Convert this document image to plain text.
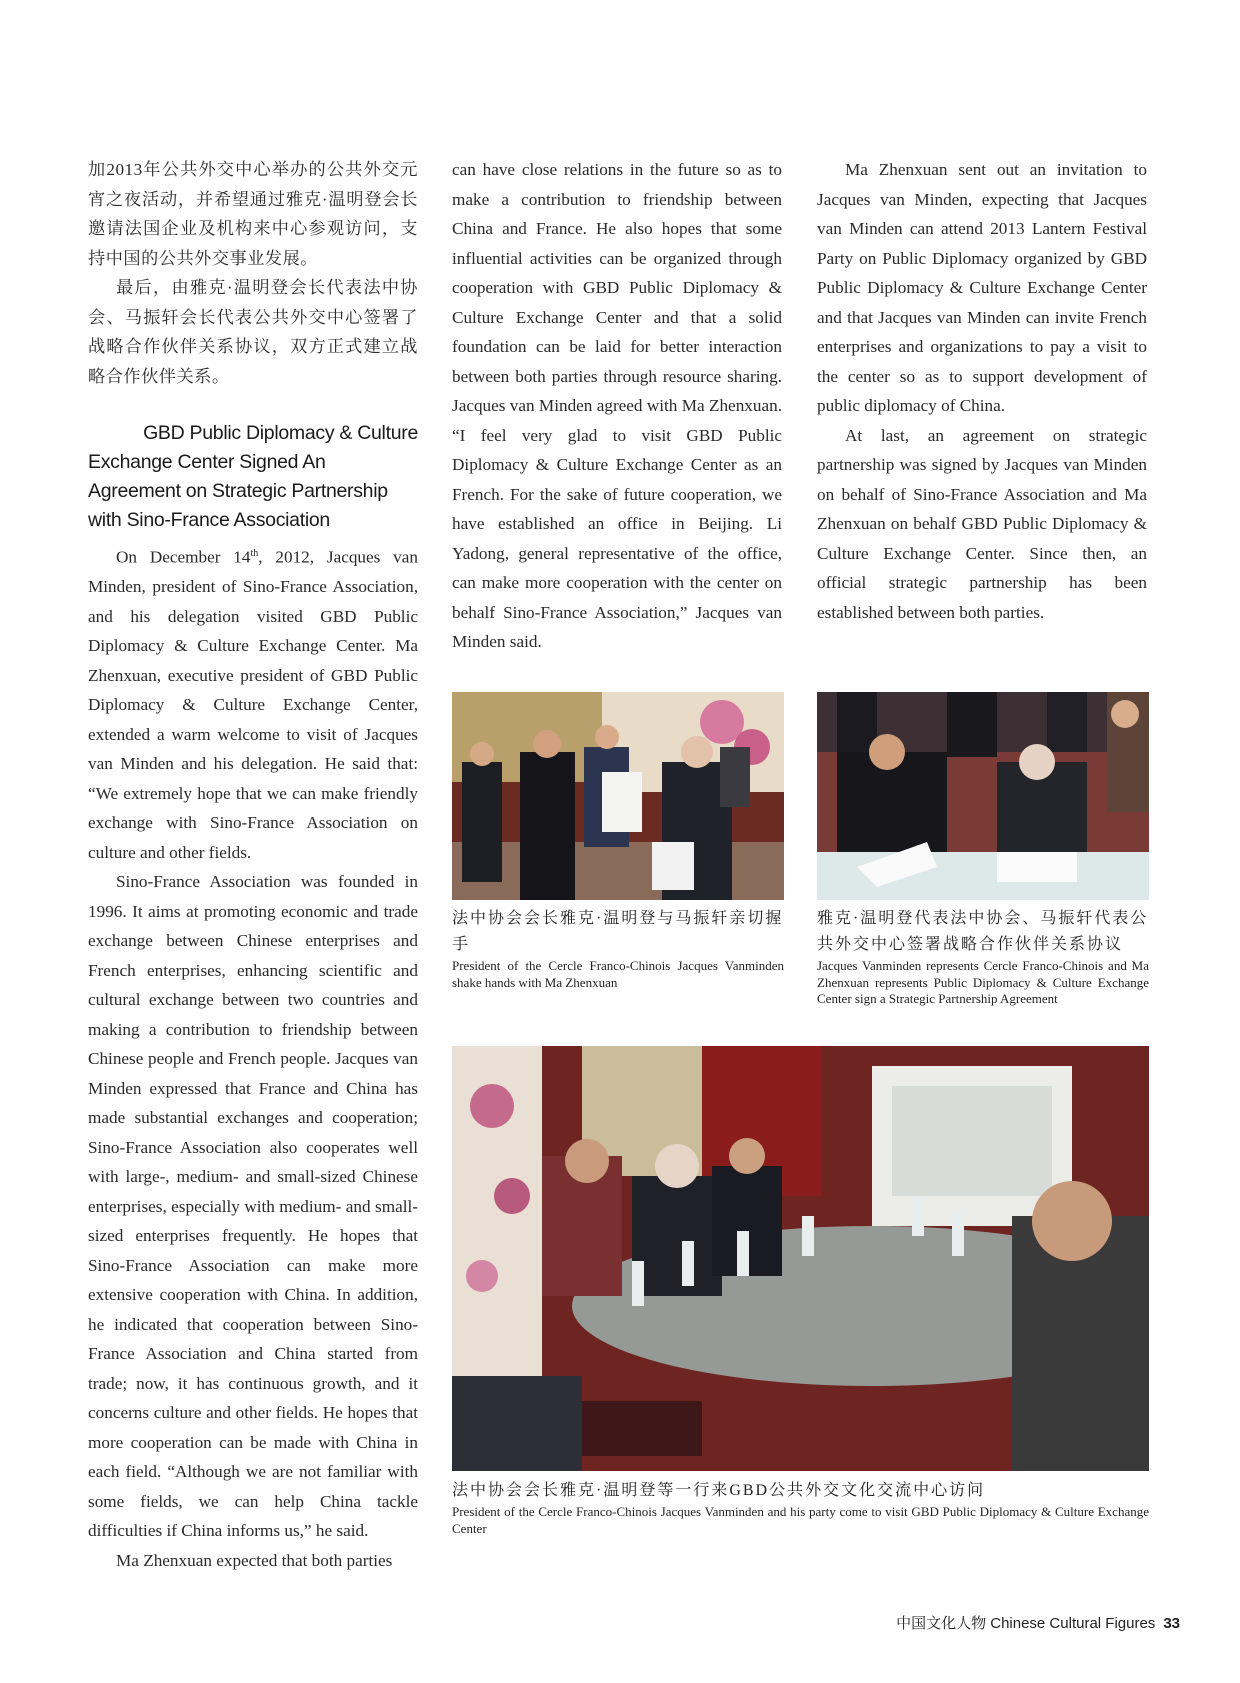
加2013年公共外交中心举办的公共外交元宵之夜活动，并希望通过雅克·温明登会长邀请法国企业及机构来中心参观访问，支持中国的公共外交事业发展。

最后，由雅克·温明登会长代表法中协会、马振轩会长代表公共外交中心签署了战略合作伙伴关系协议，双方正式建立战略合作伙伴关系。

GBD Public Diplomacy & Culture
Exchange Center Signed An Agreement on Strategic Partnership with Sino-France Association

On December 14th, 2012, Jacques van Minden, president of Sino-France Association, and his delegation visited GBD Public Diplomacy & Culture Exchange Center. Ma Zhenxuan, executive president of GBD Public Diplomacy & Culture Exchange Center, extended a warm welcome to visit of Jacques van Minden and his delegation. He said that: “We extremely hope that we can make friendly exchange with Sino-France Association on culture and other fields.

Sino-France Association was founded in 1996. It aims at promoting economic and trade exchange between Chinese enterprises and French enterprises, enhancing scientific and cultural exchange between two countries and making a contribution to friendship between Chinese people and French people. Jacques van Minden expressed that France and China has made substantial exchanges and cooperation; Sino-France Association also cooperates well with large-, medium- and small-sized Chinese enterprises, especially with medium- and small-sized enterprises frequently. He hopes that Sino-France Association can make more extensive cooperation with China. In addition, he indicated that cooperation between Sino-France Association and China started from trade; now, it has continuous growth, and it concerns culture and other fields. He hopes that more cooperation can be made with China in each field. “Although we are not familiar with some fields, we can help China tackle difficulties if China informs us,” he said.

Ma Zhenxuan expected that both parties

can have close relations in the future so as to make a contribution to friendship between China and France. He also hopes that some influential activities can be organized through cooperation with GBD Public Diplomacy & Culture Exchange Center and that a solid foundation can be laid for better interaction between both parties through resource sharing. Jacques van Minden agreed with Ma Zhenxuan. “I feel very glad to visit GBD Public Diplomacy & Culture Exchange Center as an French. For the sake of future cooperation, we have established an office in Beijing. Li Yadong, general representative of the office, can make more cooperation with the center on behalf Sino-France Association,” Jacques van Minden said.

Ma Zhenxuan sent out an invitation to Jacques van Minden, expecting that Jacques van Minden can attend 2013 Lantern Festival Party on Public Diplomacy organized by GBD Public Diplomacy & Culture Exchange Center and that Jacques van Minden can invite French enterprises and organizations to pay a visit to the center so as to support development of public diplomacy of China.

At last, an agreement on strategic partnership was signed by Jacques van Minden on behalf of Sino-France Association and Ma Zhenxuan on behalf GBD Public Diplomacy & Culture Exchange Center. Since then, an official strategic partnership has been established between both parties.

法中协会会长雅克·温明登与马振轩亲切握手
President of the Cercle Franco-Chinois Jacques Vanminden shake hands with Ma Zhenxuan
雅克·温明登代表法中协会、马振轩代表公共外交中心签署战略合作伙伴关系协议
Jacques Vanminden represents Cercle Franco-Chinois and Ma Zhenxuan represents Public Diplomacy & Culture Exchange Center sign a Strategic Partnership Agreement
法中协会会长雅克·温明登等一行来GBD公共外交文化交流中心访问
President of the Cercle Franco-Chinois Jacques Vanminden and his party come to visit GBD Public Diplomacy & Culture Exchange Center
中国文化人物 Chinese Cultural Figures 33
